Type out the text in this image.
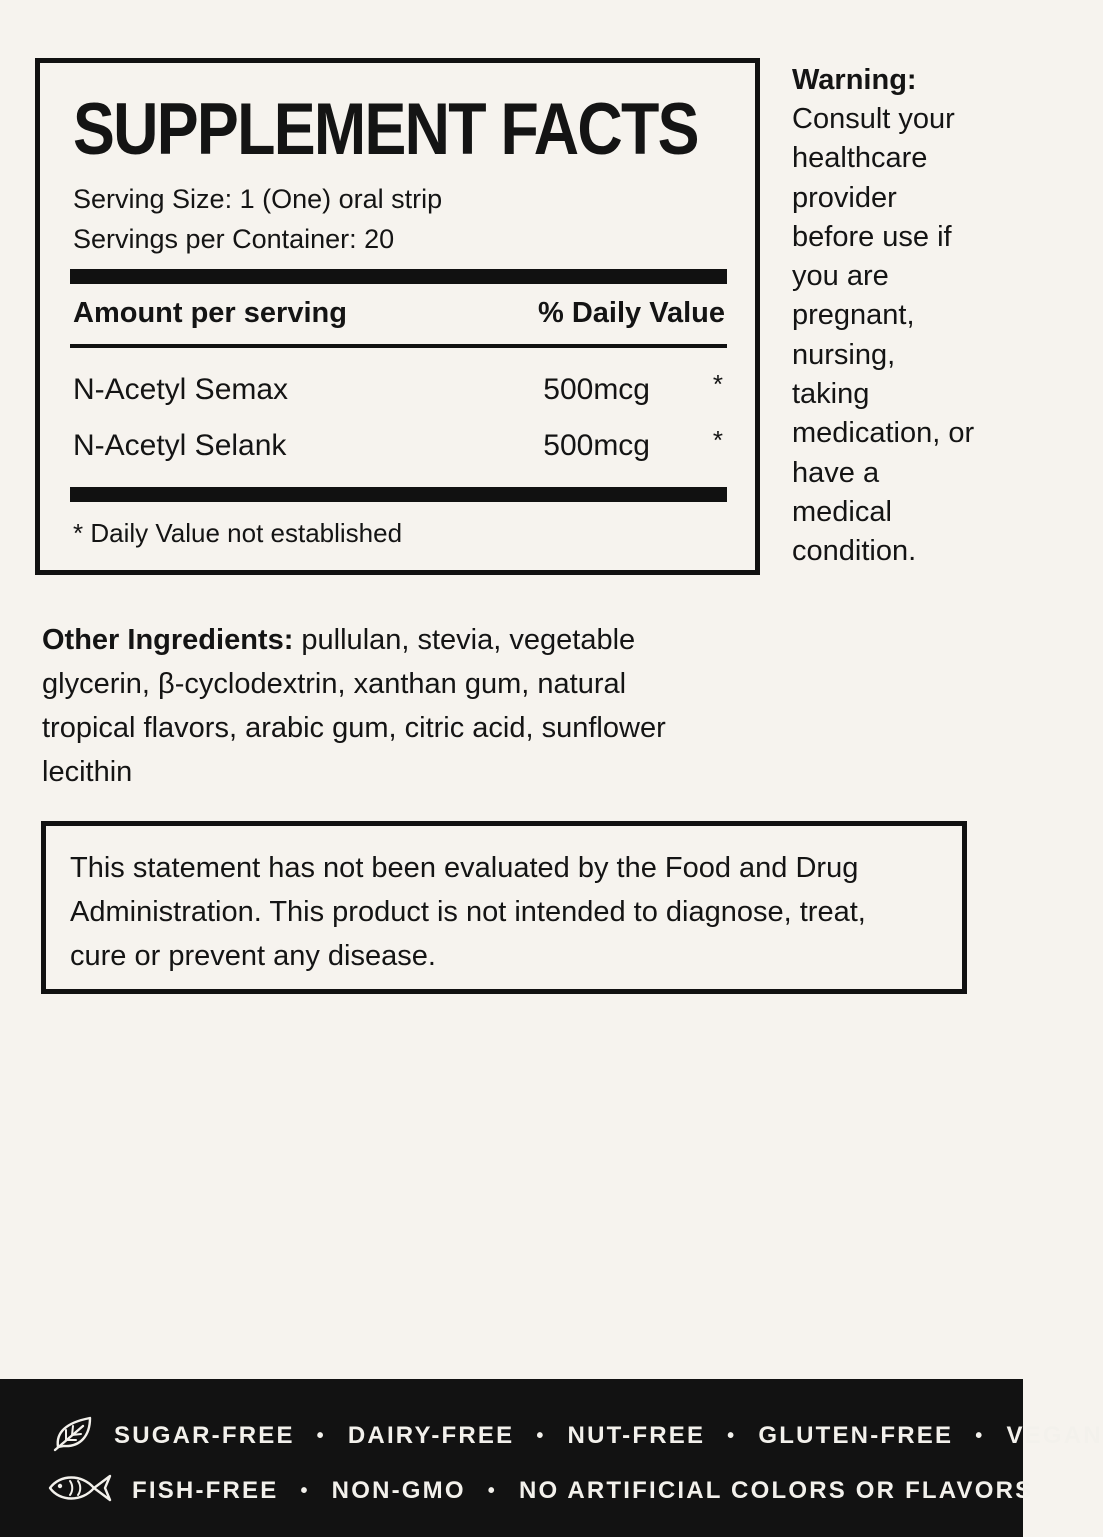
SUPPLEMENT FACTS
Serving Size: 1 (One) oral strip
Servings per Container: 20
Amount per serving	% Daily Value
N-Acetyl Semax	500mcg *
N-Acetyl Selank	500mcg *
* Daily Value not established
Warning:
Consult your
healthcare
provider
before use if
you are
pregnant,
nursing,
taking
medication, or
have a
medical
condition.
Other Ingredients: pullulan, stevia, vegetable
glycerin, β-cyclodextrin, xanthan gum, natural
tropical flavors, arabic gum, citric acid, sunflower
lecithin
This statement has not been evaluated by the Food and Drug
Administration. This product is not intended to diagnose, treat,
cure or prevent any disease.
SUGAR-FREE • DAIRY-FREE • NUT-FREE • GLUTEN-FREE • VEGAN
FISH-FREE • NON-GMO • NO ARTIFICIAL COLORS OR FLAVORS
